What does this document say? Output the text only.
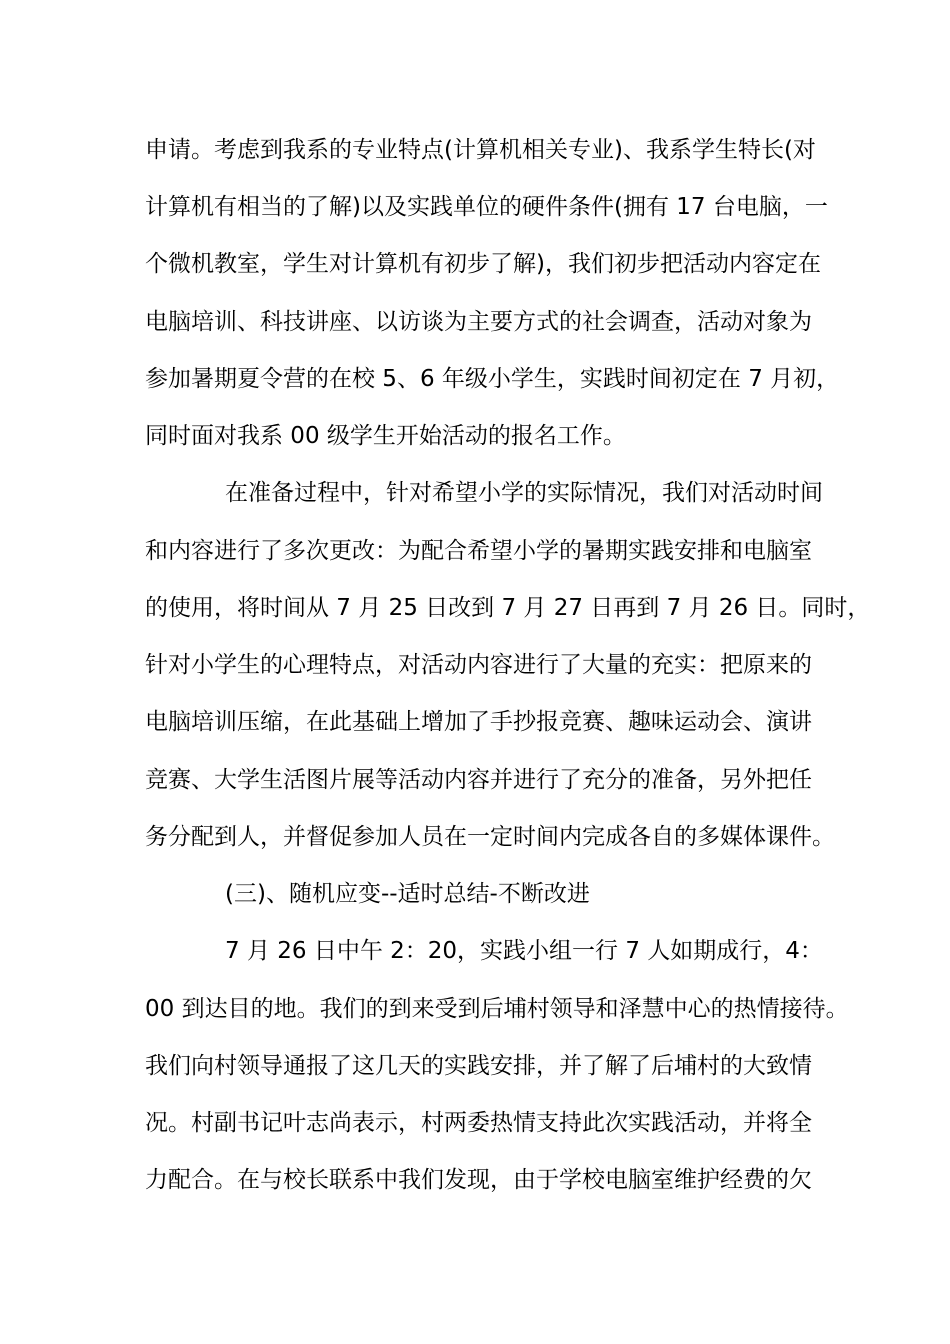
申请。考虑到我系的专业特点(计算机相关专业)、我系学生特长(对
计算机有相当的了解)以及实践单位的硬件条件(拥有 17 台电脑，一
个微机教室，学生对计算机有初步了解)，我们初步把活动内容定在
电脑培训、科技讲座、以访谈为主要方式的社会调查，活动对象为
参加暑期夏令营的在校 5、6 年级小学生，实践时间初定在 7 月初，
同时面对我系 00 级学生开始活动的报名工作。
在准备过程中，针对希望小学的实际情况，我们对活动时间
和内容进行了多次更改：为配合希望小学的暑期实践安排和电脑室
的使用，将时间从 7 月 25 日改到 7 月 27 日再到 7 月 26 日。同时，
针对小学生的心理特点，对活动内容进行了大量的充实：把原来的
电脑培训压缩，在此基础上增加了手抄报竞赛、趣味运动会、演讲
竞赛、大学生活图片展等活动内容并进行了充分的准备，另外把任
务分配到人，并督促参加人员在一定时间内完成各自的多媒体课件。
(三)、随机应变--适时总结-不断改进
7 月 26 日中午 2：20，实践小组一行 7 人如期成行，4：
00 到达目的地。我们的到来受到后埔村领导和泽慧中心的热情接待。
我们向村领导通报了这几天的实践安排，并了解了后埔村的大致情
况。村副书记叶志尚表示，村两委热情支持此次实践活动，并将全
力配合。在与校长联系中我们发现，由于学校电脑室维护经费的欠
